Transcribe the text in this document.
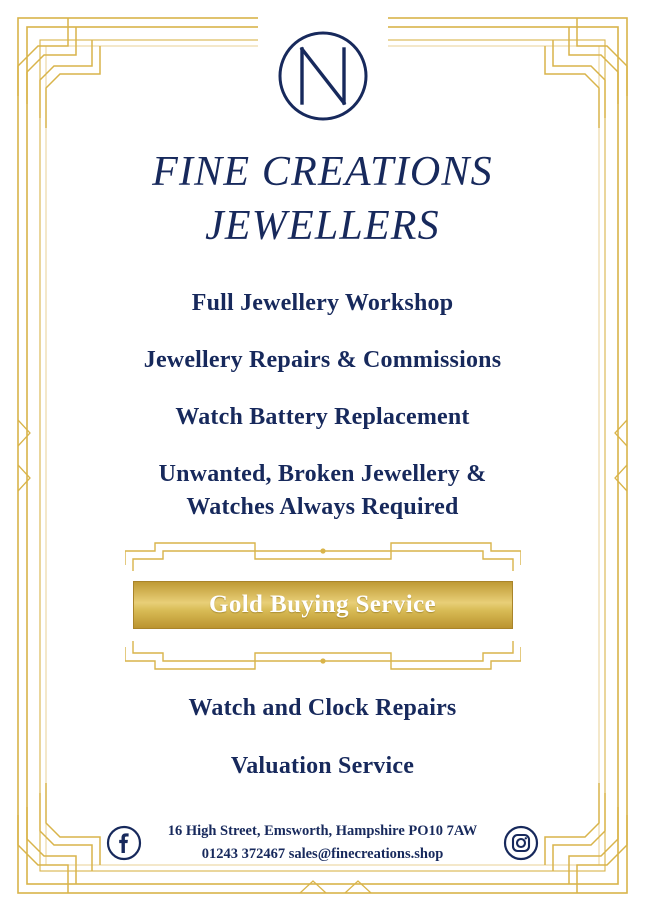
FINE CREATIONS
JEWELLERS

Full Jewellery Workshop

Jewellery Repairs & Commissions

Watch Battery Replacement

Unwanted, Broken Jewellery &

Watches Always Required

Gold Buying Service

Watch and Clock Repairs

Valuation Service

16 High Street, Emsworth, Hampshire PO10 7AW
01243 372467 sales@finecreations.shop
